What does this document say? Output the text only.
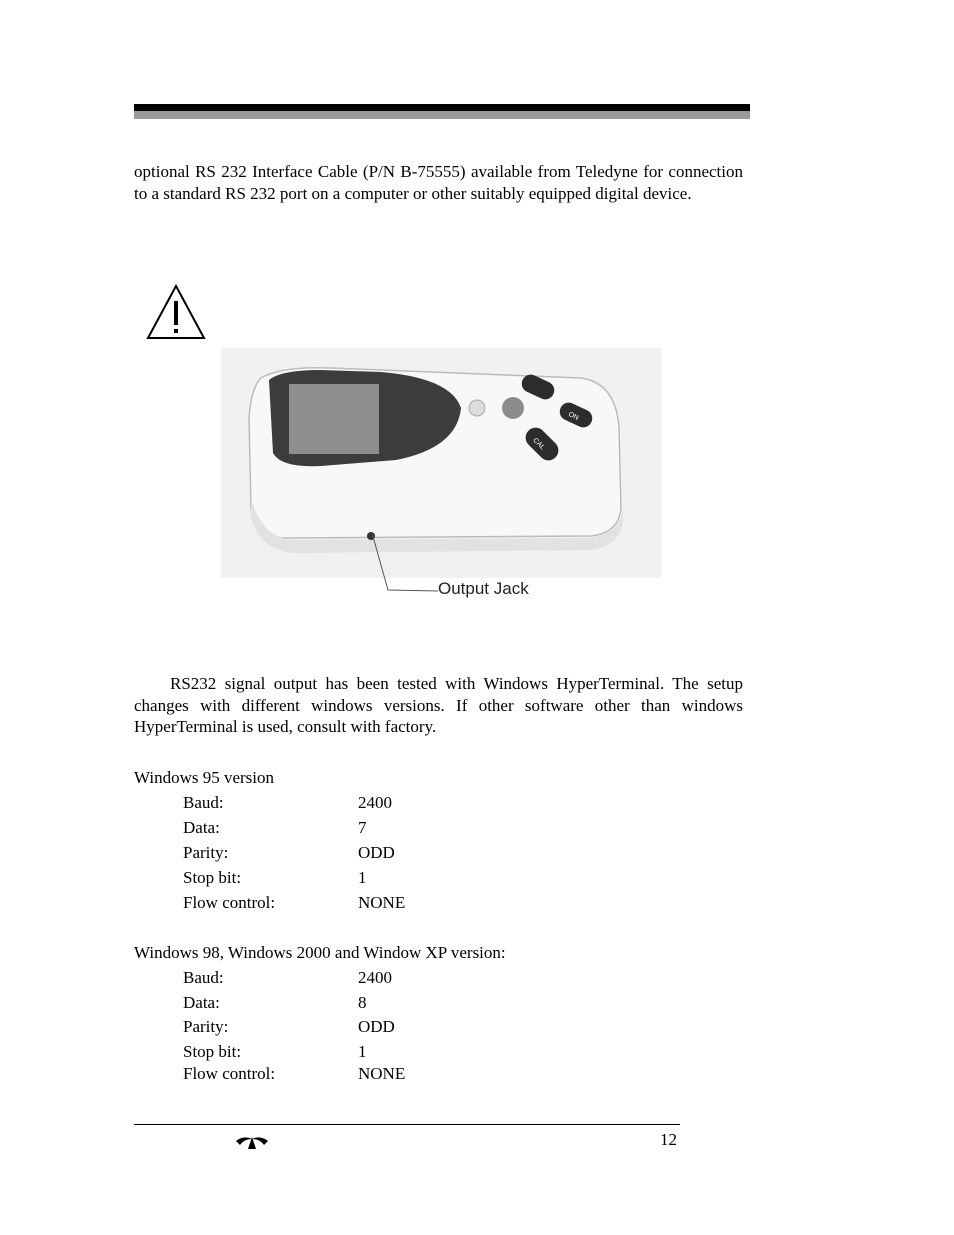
optional RS 232 Interface Cable (P/N B-75555) available from Teledyne for connection to a standard RS 232 port on a computer or other suitably equipped digital device.

ON
CAL
Output Jack

RS232 signal output has been tested with Windows HyperTerminal. The setup changes with different windows versions. If other software other than windows HyperTerminal is used, consult with factory.

Windows 95 version
Baud:	2400
Data:	7
Parity:	ODD
Stop bit:	1
Flow control:	NONE
Windows 98, Windows 2000 and Window XP version:
Baud:	2400
Data:	8
Parity:	ODD
Stop bit:	1
Flow control:	NONE
12
